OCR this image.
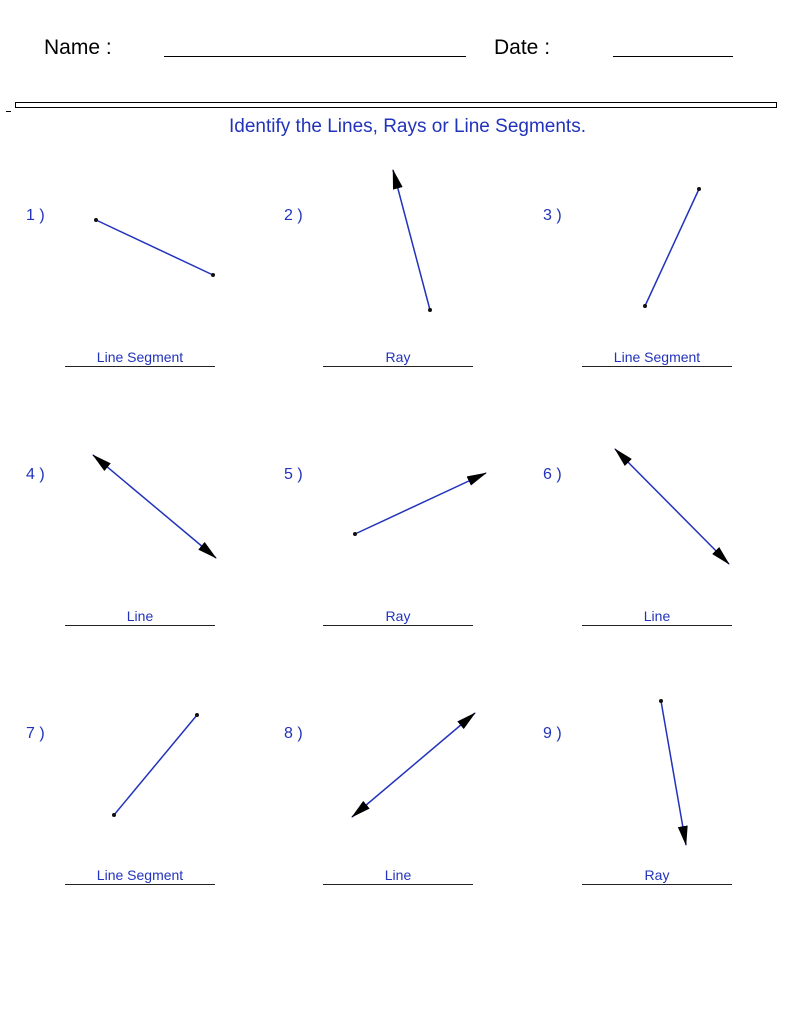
Name :	Date :
Identify the Lines, Rays or Line Segments.
1 )	2 )	3 )
4 )	5 )	6 )
7 )	8 )	9 )
Line Segment	Ray	Line Segment
Line	Ray	Line
Line Segment	Line	Ray
